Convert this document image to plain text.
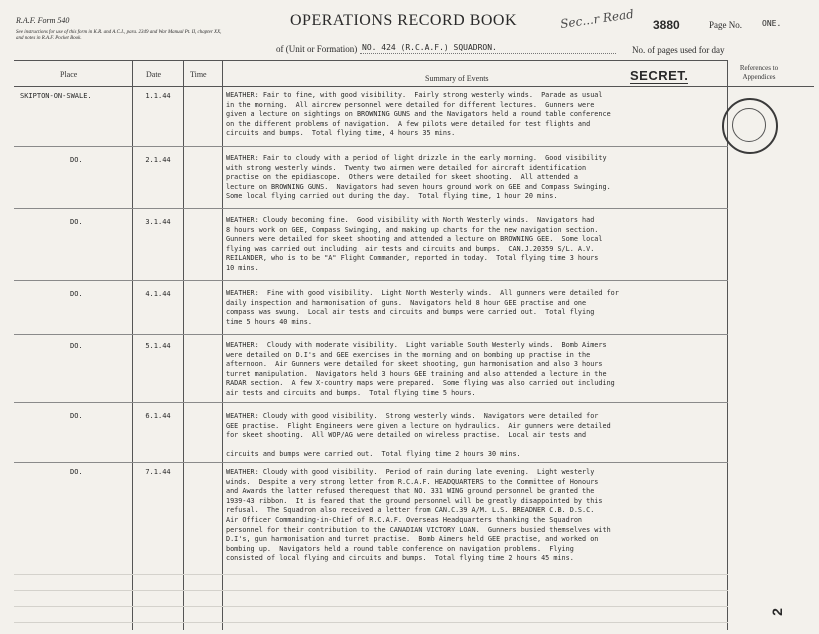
R.A.F. Form 540
See instructions for use of this form in K.R. and A.C.I., para. 2349 and War Manual Pt. II, chapter XX, and notes in R.A.F. Pocket Book.
OPERATIONS RECORD BOOK
of (Unit or Formation) NO. 424 (R.C.A.F.) SQUADRON.
Sec...r Read 3880	Page No.	ONE.
No. of pages used for day
SECRET.
Place	Date	Time	Summary of Events
References to Appendices
SKIPTON-ON-SWALE.	1.1.44	WEATHER: Fair to fine, with good visibility.  Fairly strong westerly winds.  Parade as usual
in the morning.  All aircrew personnel were detailed for different lectures.  Gunners were
given a lecture on sightings on BROWNING GUNS and the Navigators held a round table conference
on the different problems of navigation.  A few pilots were detailed for test flights and
circuits and bumps.  Total flying time, 4 hours 35 mins.
DO.	2.1.44	WEATHER: Fair to cloudy with a period of light drizzle in the early morning.  Good visibility
with strong westerly winds.  Twenty two airmen were detailed for aircraft identification
practise on the epidiascope.  Others were detailed for skeet shooting.  All attended a
lecture on BROWNING GUNS.  Navigators had seven hours ground work on GEE and Compass Swinging.
Some local flying carried out during the day.  Total flying time, 1 hour 20 mins.
DO.	3.1.44	WEATHER: Cloudy becoming fine.  Good visibility with North Westerly winds.  Navigators had
8 hours work on GEE, Compass Swinging, and making up charts for the new navigation section.
Gunners were detailed for skeet shooting and attended a lecture on BROWNING GEE.  Some local
flying was carried out including  air tests and circuits and bumps.  CAN.J.20359 S/L. A.V.
REILANDER, who is to be "A" Flight Commander, reported in today.  Total flying time 3 hours
10 mins.
DO.	4.1.44	WEATHER:  Fine with good visibility.  Light North Westerly winds.  All gunners were detailed for
daily inspection and harmonisation of guns.  Navigators held 8 hour GEE practise and one
compass was swung.  Local air tests and circuits and bumps were carried out.  Total flying
time 5 hours 40 mins.
DO.	5.1.44	WEATHER:  Cloudy with moderate visibility.  Light variable South Westerly winds.  Bomb Aimers
were detailed on D.I's and GEE exercises in the morning and on bombing up practise in the
afternoon.  Air Gunners were detailed for skeet shooting, gun harmonisation and also 3 hours
turret manipulation.  Navigators held 3 hours GEE training and also attended a lecture in the
RADAR section.  A few X-country maps were prepared.  Some flying was also carried out including
air tests and circuits and bumps.  Total flying time 5 hours.
DO.	6.1.44	WEATHER: Cloudy with good visibility.  Strong westerly winds.  Navigators were detailed for
GEE practise.  Flight Engineers were given a lecture on hydraulics.  Air gunners were detailed
for skeet shooting.  All WOP/AG were detailed on wireless practise.  Local air tests and
circuits and bumps were carried out.  Total flying time 2 hours 30 mins.
DO.	7.1.44	WEATHER: Cloudy with good visibility.  Period of rain during late evening.  Light westerly
winds.  Despite a very strong letter from R.C.A.F. HEADQUARTERS to the Committee of Honours
and Awards the latter refused therequest that NO. 331 WING ground personnel be granted the
1939-43 ribbon.  It is feared that the ground personnel will be greatly disappointed by this
refusal.  The Squadron also received a letter from CAN.C.39 A/M. L.S. BREADNER C.B. D.S.C.
Air Officer Commanding-in-Chief of R.C.A.F. Overseas Headquarters thanking the Squadron
personnel for their contribution to the CANADIAN VICTORY LOAN.  Gunners busied themselves with
D.I's, gun harmonisation and turret practise.  Bomb Aimers held GEE practise, and worked on
bombing up.  Navigators held a round table conference on navigation problems.  Flying
consisted of local flying and circuits and bumps.  Total flying time 2 hours 45 mins.
2
